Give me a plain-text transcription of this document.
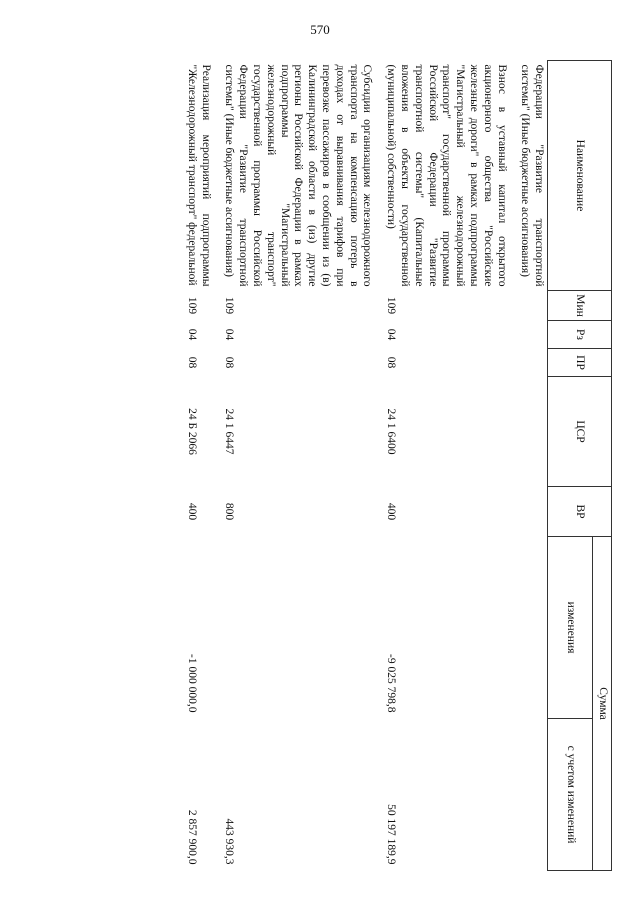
570
Наименование	Мин	Рз	ПР	ЦСР	ВР	Сумма	
						изменения	с учетом изменений
Федерации "Развитие транспортной системы" (Иные бюджетные ассигнования)							
Взнос в уставный капитал открытого акционерного общества "Российские железные дороги" в рамках подпрограммы "Магистральный железнодорожный транспорт" государственной программы Российской Федерации "Развитие транспортной системы" (Капитальные вложения в объекты государственной (муниципальной) собственности)	109	04	08	24 1 6400	400	-9 025 798,8	50 197 189,9
Субсидии организациям железнодорожного транспорта на компенсацию потерь в доходах от выравнивания тарифов при перевозке пассажиров в сообщении из (в) Калининградской области в (из) другие регионы Российской Федерации в рамках подпрограммы "Магистральный железнодорожный транспорт" государственной программы Российской Федерации "Развитие транспортной системы" (Иные бюджетные ассигнования)	109	04	08	24 1 6447	800		443 930,3
Реализация мероприятий подпрограммы "Железнодорожный транспорт" федеральной	109	04	08	24 Б 2066	400	-1 000 000,0	2 857 900,0
